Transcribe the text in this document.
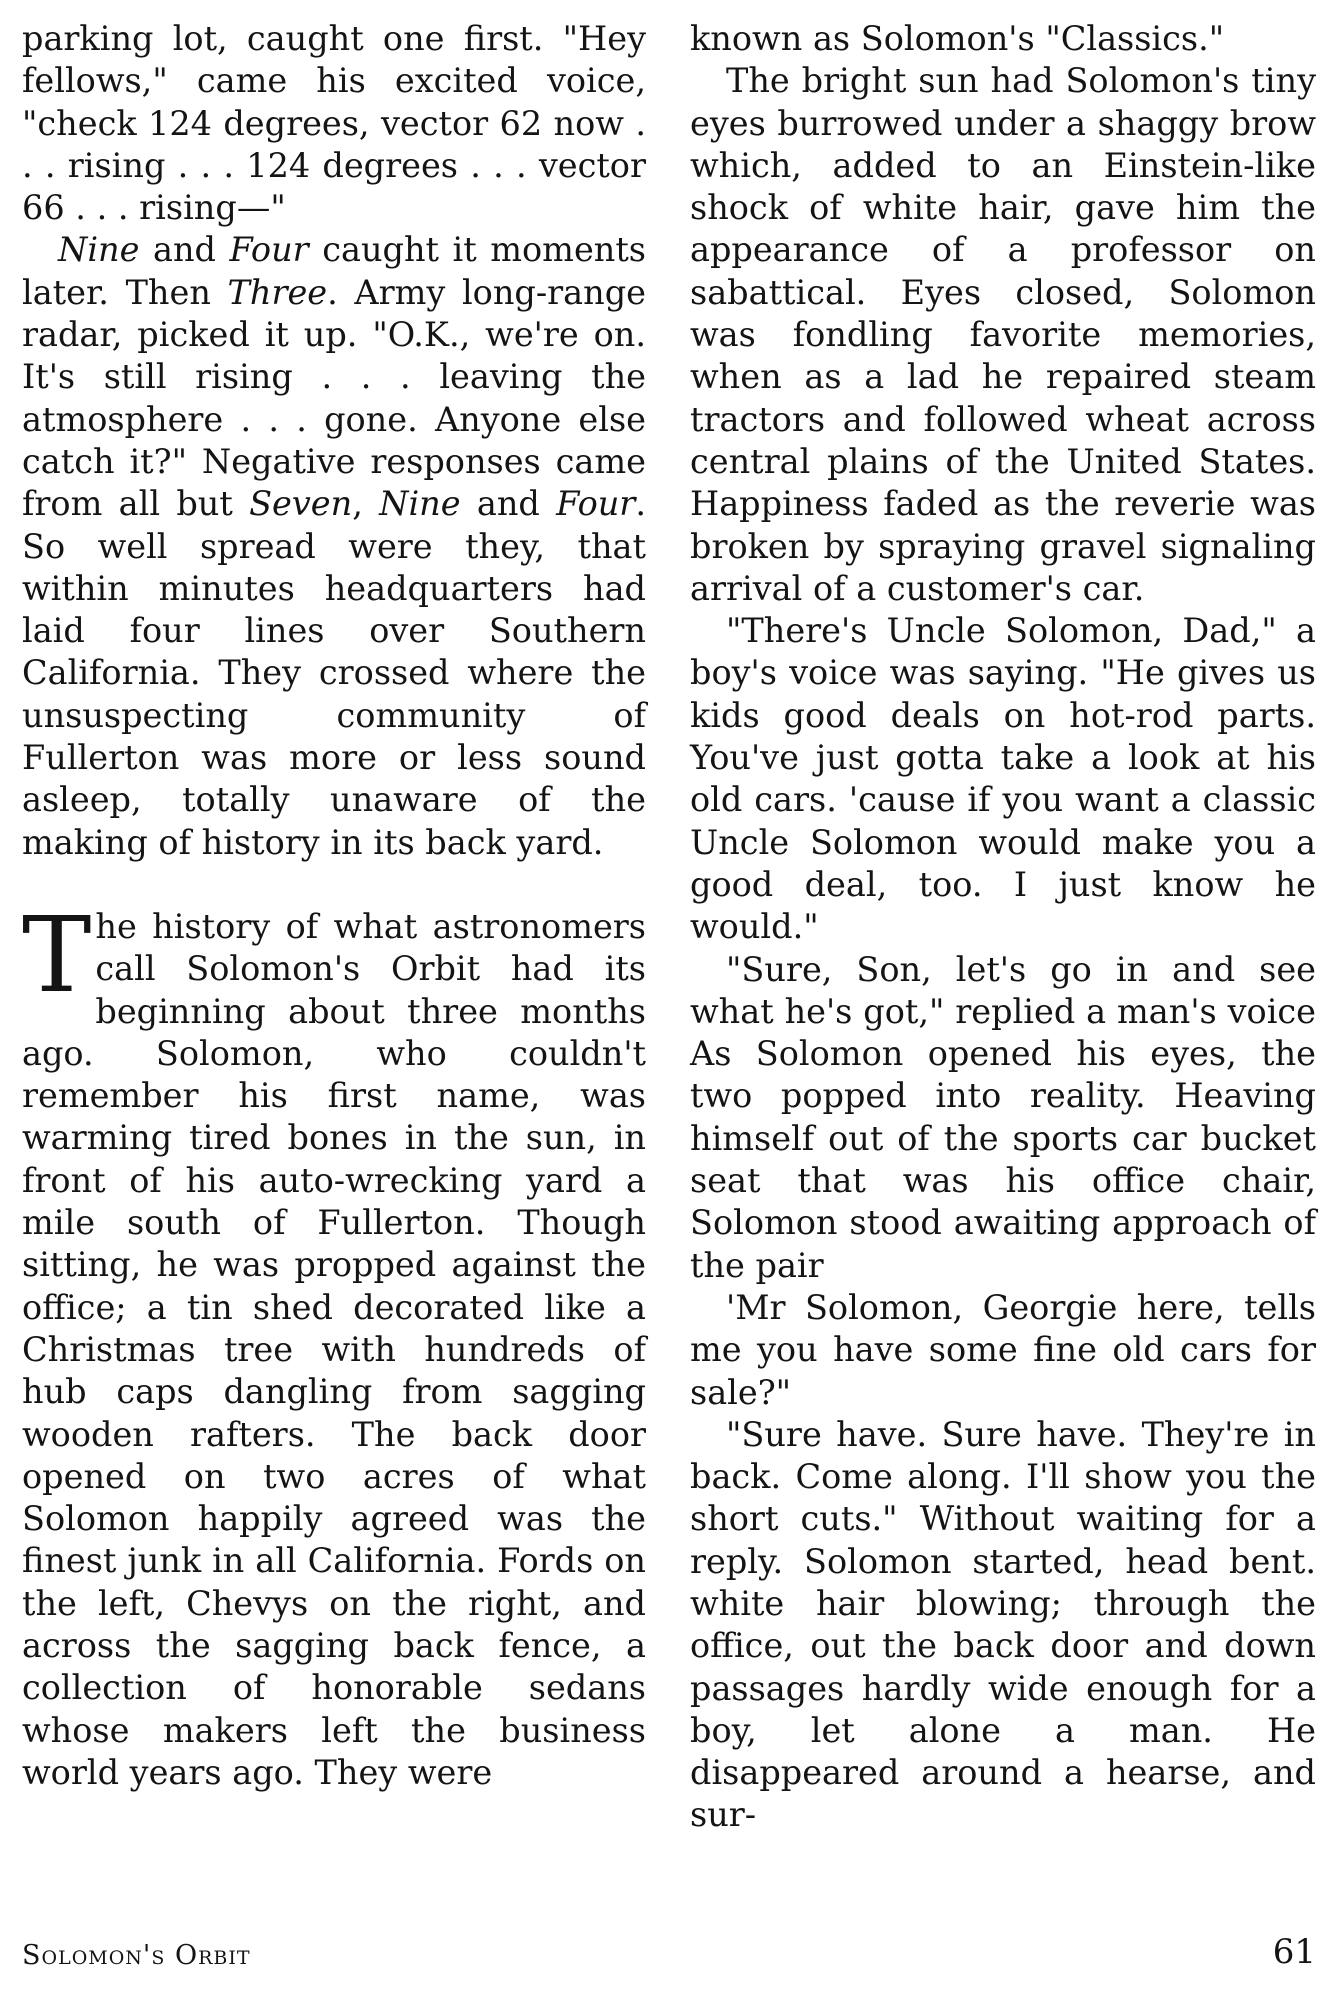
parking lot, caught one first. "Hey fellows," came his excited voice, "check 124 degrees, vector 62 now . . . rising . . . 124 degrees . . . vector 66 . . . rising—"

Nine and Four caught it moments later. Then Three. Army long-range radar, picked it up. "O.K., we're on. It's still rising . . . leaving the atmosphere . . . gone. Anyone else catch it?" Negative responses came from all but Seven, Nine and Four. So well spread were they, that within minutes headquarters had laid four lines over Southern California. They crossed where the unsuspecting community of Fullerton was more or less sound asleep, totally unaware of the making of history in its back yard.

The history of what astronomers call Solomon's Orbit had its beginning about three months ago. Solomon, who couldn't remember his first name, was warming tired bones in the sun, in front of his auto-wrecking yard a mile south of Fullerton. Though sitting, he was propped against the office; a tin shed decorated like a Christmas tree with hundreds of hub caps dangling from sagging wooden rafters. The back door opened on two acres of what Solomon happily agreed was the finest junk in all California. Fords on the left, Chevys on the right, and across the sagging back fence, a collection of honorable sedans whose makers left the business world years ago. They were

known as Solomon's "Classics."

The bright sun had Solomon's tiny eyes burrowed under a shaggy brow which, added to an Einstein-like shock of white hair, gave him the appearance of a professor on sabattical. Eyes closed, Solomon was fondling favorite memories, when as a lad he repaired steam tractors and followed wheat across central plains of the United States. Happiness faded as the reverie was broken by spraying gravel signaling arrival of a customer's car.

"There's Uncle Solomon, Dad," a boy's voice was saying. "He gives us kids good deals on hot-rod parts. You've just gotta take a look at his old cars. 'cause if you want a classic Uncle Solomon would make you a good deal, too. I just know he would."

"Sure, Son, let's go in and see what he's got," replied a man's voice As Solomon opened his eyes, the two popped into reality. Heaving himself out of the sports car bucket seat that was his office chair, Solomon stood awaiting approach of the pair

'Mr Solomon, Georgie here, tells me you have some fine old cars for sale?"

"Sure have. Sure have. They're in back. Come along. I'll show you the short cuts." Without waiting for a reply. Solomon started, head bent. white hair blowing; through the office, out the back door and down passages hardly wide enough for a boy, let alone a man. He disappeared around a hearse, and sur-

Solomon's Orbit	61
